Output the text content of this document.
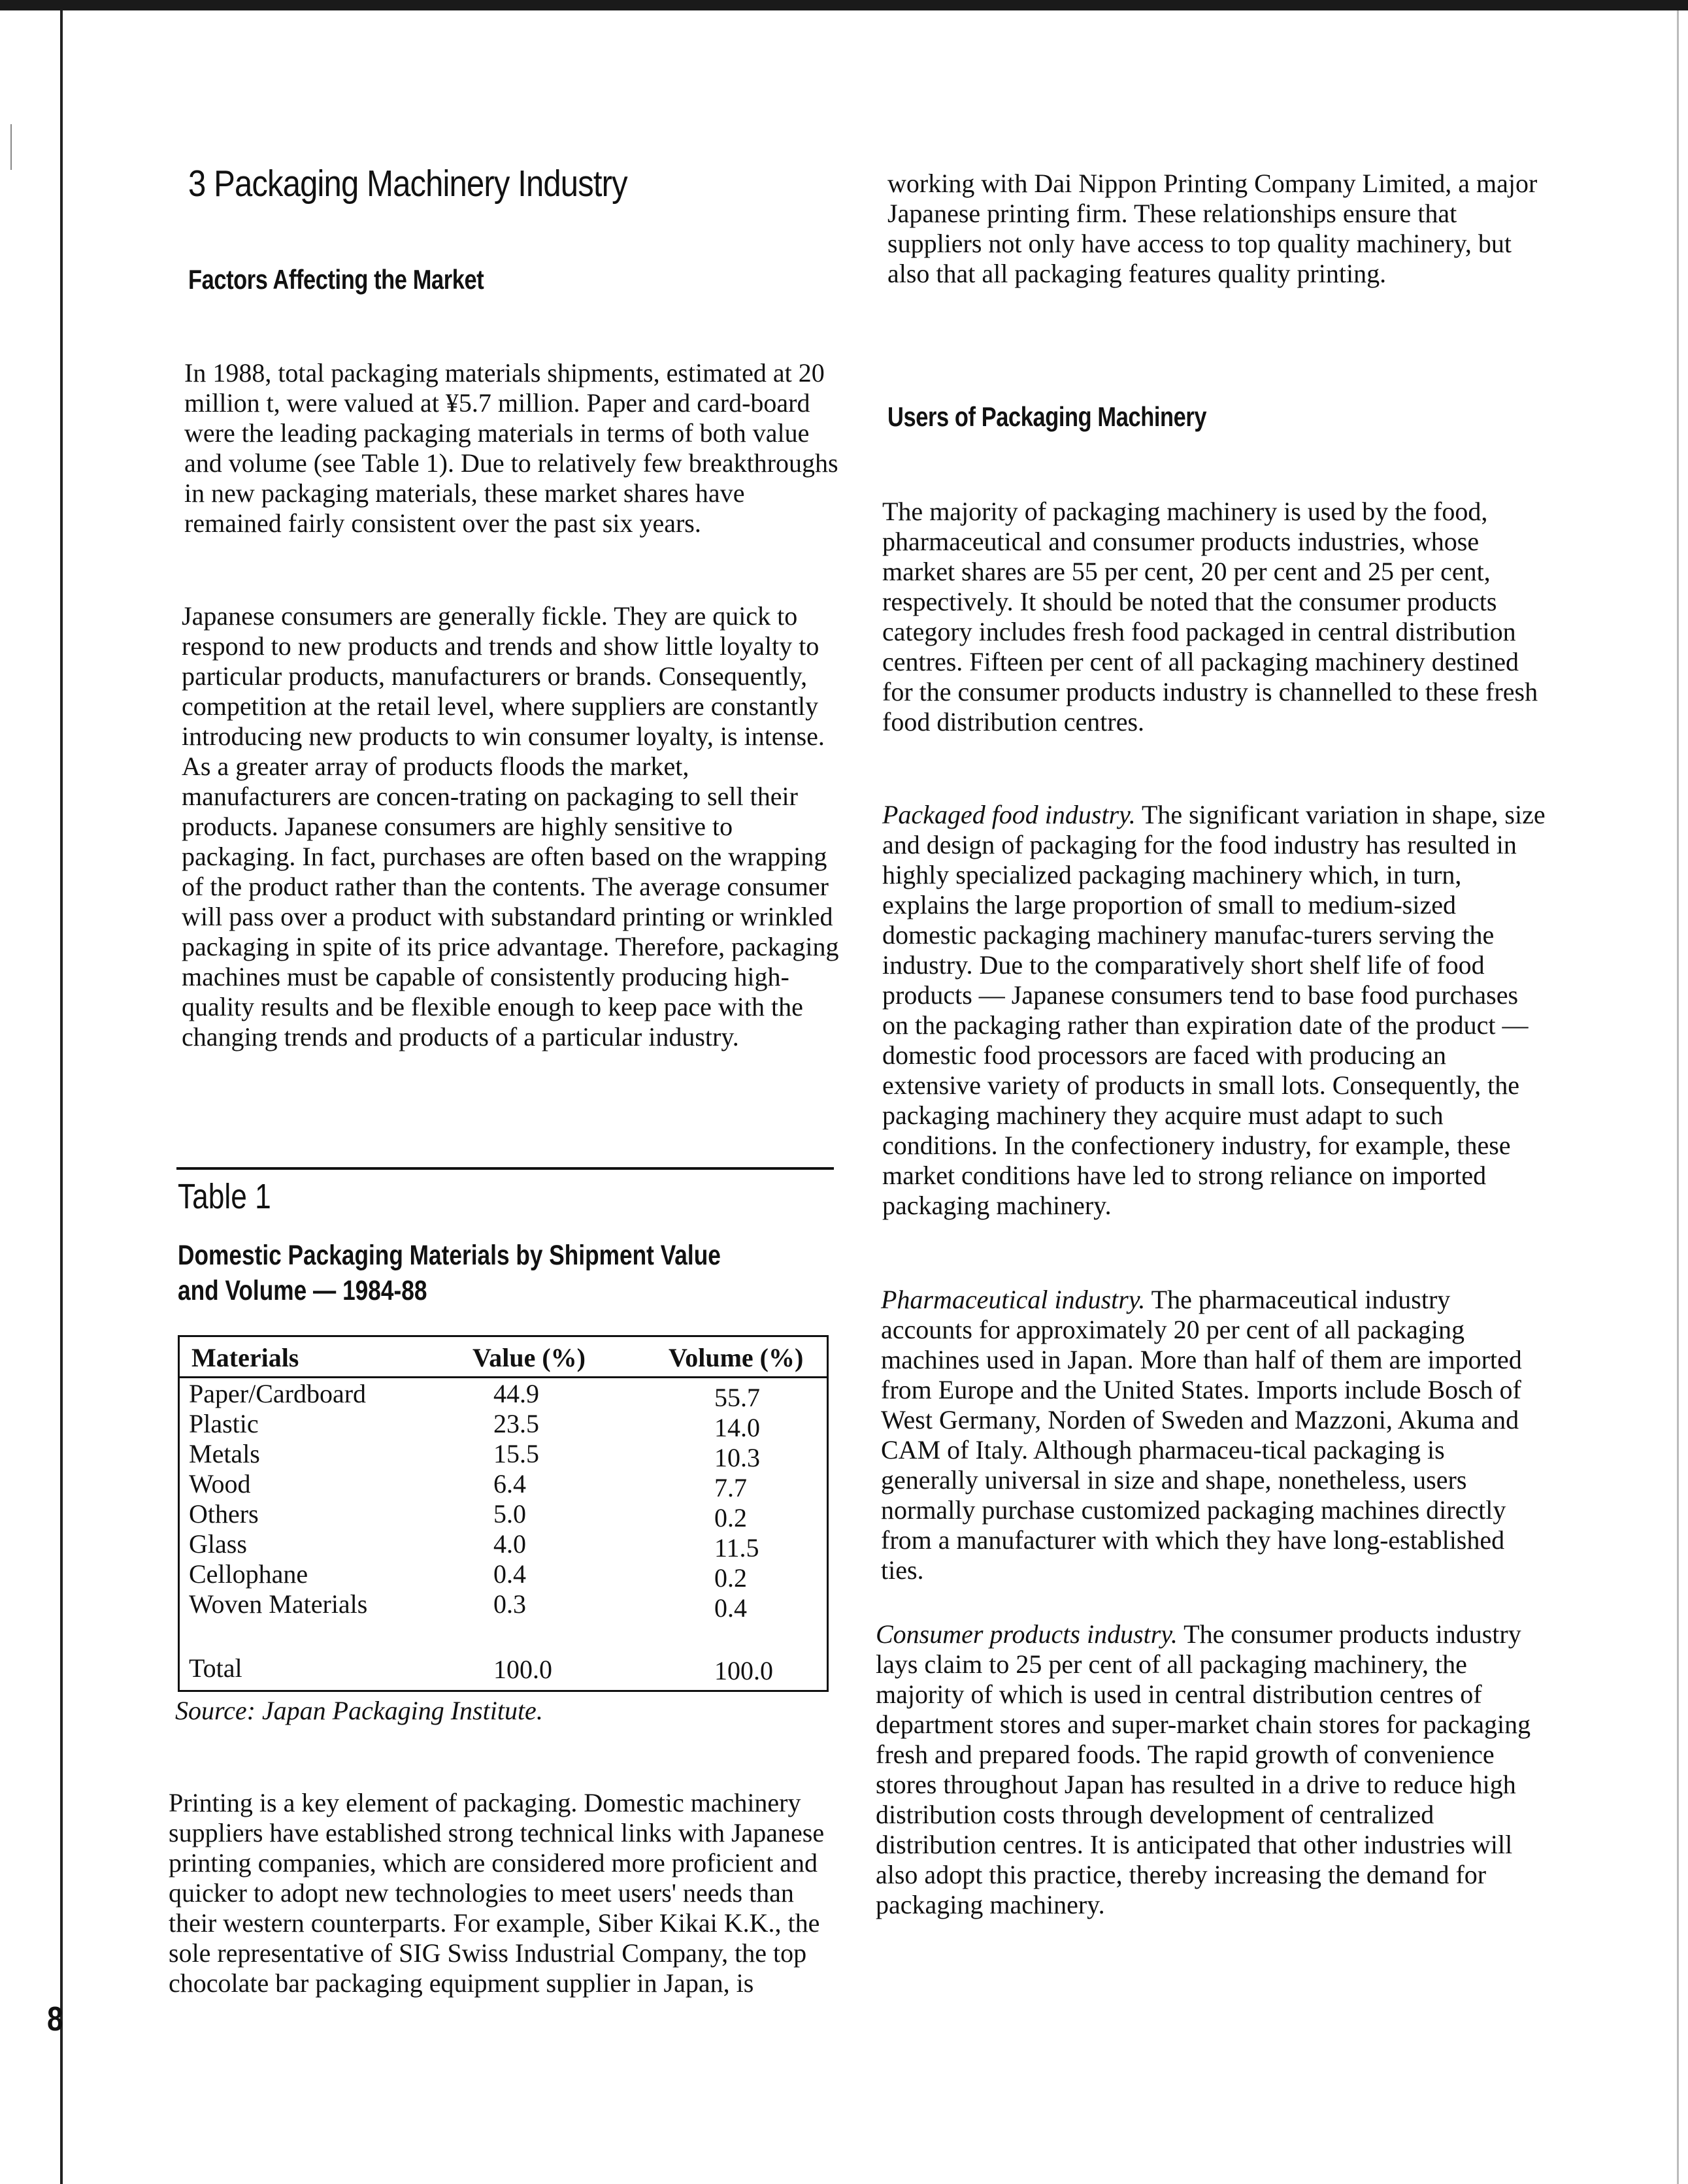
3 Packaging Machinery Industry
Factors Affecting the Market

In 1988, total packaging materials shipments, estimated at 20 million t, were valued at ¥5.7 million. Paper and card-board were the leading packaging materials in terms of both value and volume (see Table 1). Due to relatively few breakthroughs in new packaging materials, these market shares have remained fairly consistent over the past six years.

Japanese consumers are generally fickle. They are quick to respond to new products and trends and show little loyalty to particular products, manufacturers or brands. Consequently, competition at the retail level, where suppliers are constantly introducing new products to win consumer loyalty, is intense. As a greater array of products floods the market, manufacturers are concen-trating on packaging to sell their products. Japanese consumers are highly sensitive to packaging. In fact, purchases are often based on the wrapping of the product rather than the contents. The average consumer will pass over a product with substandard printing or wrinkled packaging in spite of its price advantage. Therefore, packaging machines must be capable of consistently producing high-quality results and be flexible enough to keep pace with the changing trends and products of a particular industry.

Table 1
Domestic Packaging Materials by Shipment Value and Volume — 1984-88
Materials	Value (%)	Volume (%)
Paper/Cardboard	44.9	55.7
Plastic	23.5	14.0
Metals	15.5	10.3
Wood	6.4	7.7
Others	5.0	0.2
Glass	4.0	11.5
Cellophane	0.4	0.2
Woven Materials	0.3	0.4
Total	100.0	100.0
Source: Japan Packaging Institute.

Printing is a key element of packaging. Domestic machinery suppliers have established strong technical links with Japanese printing companies, which are considered more proficient and quicker to adopt new technologies to meet users' needs than their western counterparts. For example, Siber Kikai K.K., the sole representative of SIG Swiss Industrial Company, the top chocolate bar packaging equipment supplier in Japan, is

8

working with Dai Nippon Printing Company Limited, a major Japanese printing firm. These relationships ensure that suppliers not only have access to top quality machinery, but also that all packaging features quality printing.

Users of Packaging Machinery

The majority of packaging machinery is used by the food, pharmaceutical and consumer products industries, whose market shares are 55 per cent, 20 per cent and 25 per cent, respectively. It should be noted that the consumer products category includes fresh food packaged in central distribution centres. Fifteen per cent of all packaging machinery destined for the consumer products industry is channelled to these fresh food distribution centres.

Packaged food industry. The significant variation in shape, size and design of packaging for the food industry has resulted in highly specialized packaging machinery which, in turn, explains the large proportion of small to medium-sized domestic packaging machinery manufac-turers serving the industry. Due to the comparatively short shelf life of food products — Japanese consumers tend to base food purchases on the packaging rather than expiration date of the product — domestic food processors are faced with producing an extensive variety of products in small lots. Consequently, the packaging machinery they acquire must adapt to such conditions. In the confectionery industry, for example, these market conditions have led to strong reliance on imported packaging machinery.

Pharmaceutical industry. The pharmaceutical industry accounts for approximately 20 per cent of all packaging machines used in Japan. More than half of them are imported from Europe and the United States. Imports include Bosch of West Germany, Norden of Sweden and Mazzoni, Akuma and CAM of Italy. Although pharmaceu-tical packaging is generally universal in size and shape, nonetheless, users normally purchase customized packaging machines directly from a manufacturer with which they have long-established ties.

Consumer products industry. The consumer products industry lays claim to 25 per cent of all packaging machinery, the majority of which is used in central distribution centres of department stores and super-market chain stores for packaging fresh and prepared foods. The rapid growth of convenience stores throughout Japan has resulted in a drive to reduce high distribution costs through development of centralized distribution centres. It is anticipated that other industries will also adopt this practice, thereby increasing the demand for packaging machinery.
